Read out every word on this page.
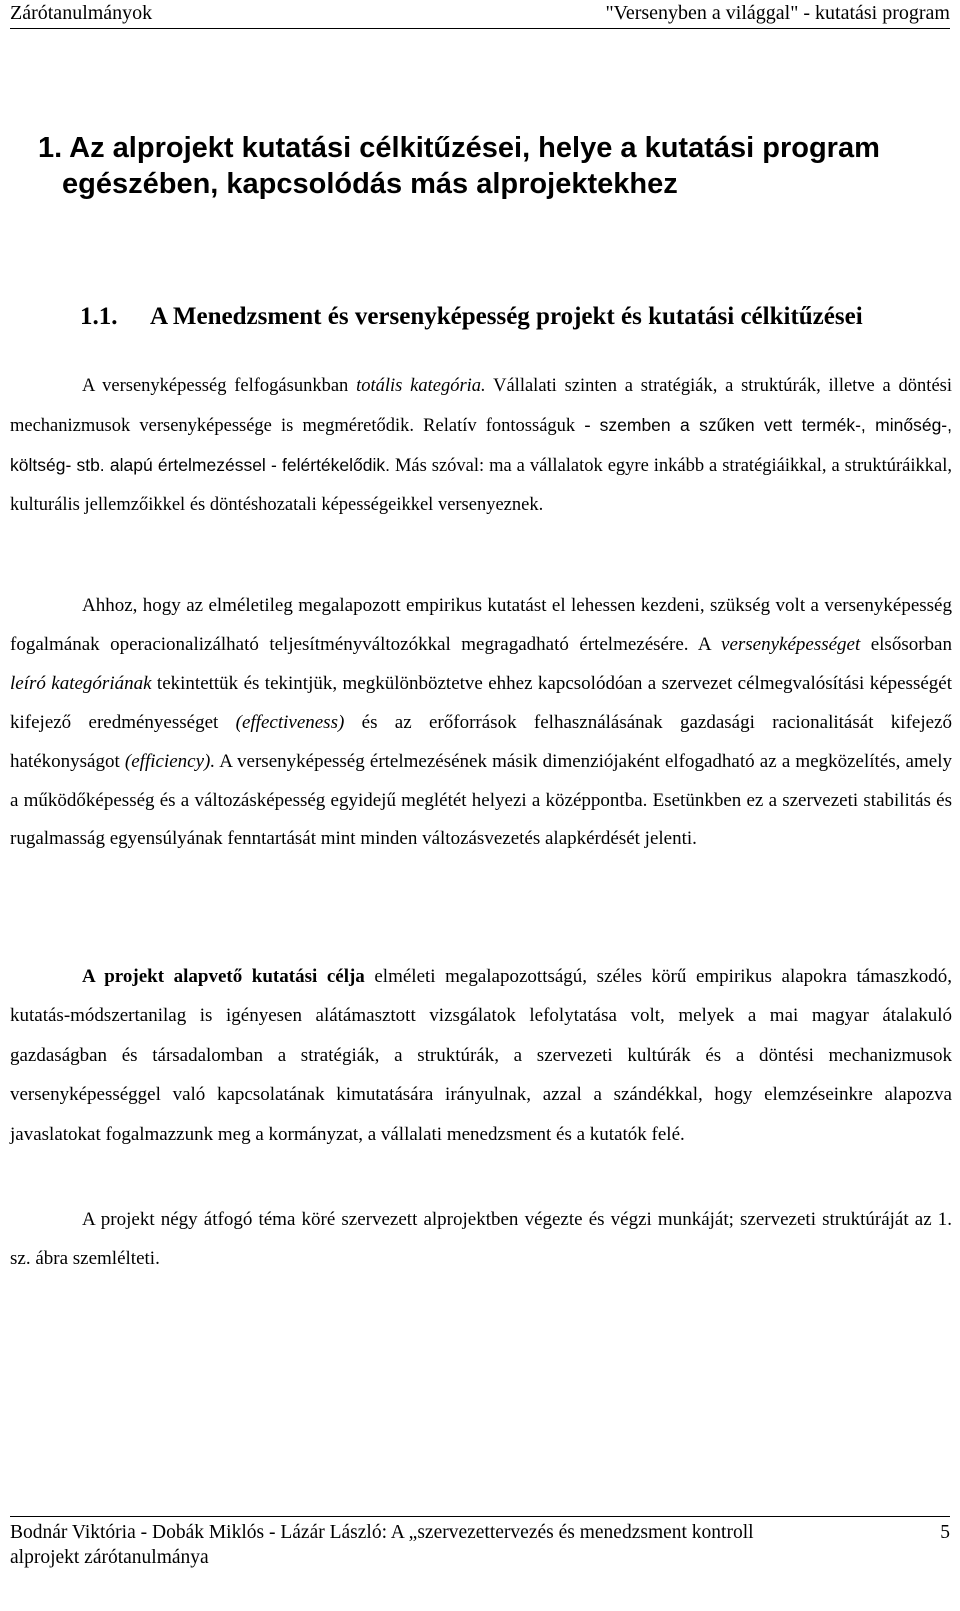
Zárótanulmányok	"Versenyben a világgal" - kutatási program
1. Az alprojekt kutatási célkitűzései, helye a kutatási program
egészében, kapcsolódás más alprojektekhez
1.1.	A Menedzsment és versenyképesség projekt és kutatási célkitűzései

A versenyképesség felfogásunkban totális kategória. Vállalati szinten a stratégiák, a struktúrák, illetve a döntési mechanizmusok versenyképessége is megméretődik. Relatív fontosságuk - szemben a szűken vett termék-, minőség-, költség- stb. alapú értelmezéssel - felértékelődik. Más szóval: ma a vállalatok egyre inkább a stratégiáikkal, a struktúráikkal, kulturális jellemzőikkel és döntéshozatali képességeikkel versenyeznek.

Ahhoz, hogy az elméletileg megalapozott empirikus kutatást el lehessen kezdeni, szükség volt a versenyképesség fogalmának operacionalizálható teljesítményváltozókkal megragadható értelmezésére. A versenyképességet elsősorban leíró kategóriának tekintettük és tekintjük, megkülönböztetve ehhez kapcsolódóan a szervezet célmegvalósítási képességét kifejező eredményességet (effectiveness) és az erőforrások felhasználásának gazdasági racionalitását kifejező hatékonyságot (efficiency). A versenyképesség értelmezésének másik dimenziójaként elfogadható az a megközelítés, amely a működőképesség és a változásképesség egyidejű meglétét helyezi a középpontba. Esetünkben ez a szervezeti stabilitás és rugalmasság egyensúlyának fenntartását mint minden változásvezetés alapkérdését jelenti.

A projekt alapvető kutatási célja elméleti megalapozottságú, széles körű empirikus alapokra támaszkodó, kutatás-módszertanilag is igényesen alátámasztott vizsgálatok lefolytatása volt, melyek a mai magyar átalakuló gazdaságban és társadalomban a stratégiák, a struktúrák, a szervezeti kultúrák és a döntési mechanizmusok versenyképességgel való kapcsolatának kimutatására irányulnak, azzal a szándékkal, hogy elemzéseinkre alapozva javaslatokat fogalmazzunk meg a kormányzat, a vállalati menedzsment és a kutatók felé.

A projekt négy átfogó téma köré szervezett alprojektben végezte és végzi munkáját; szervezeti struktúráját az 1. sz. ábra szemlélteti.

Bodnár Viktória - Dobák Miklós - Lázár László: A „szervezettervezés és menedzsment kontroll	5
alprojekt zárótanulmánya
